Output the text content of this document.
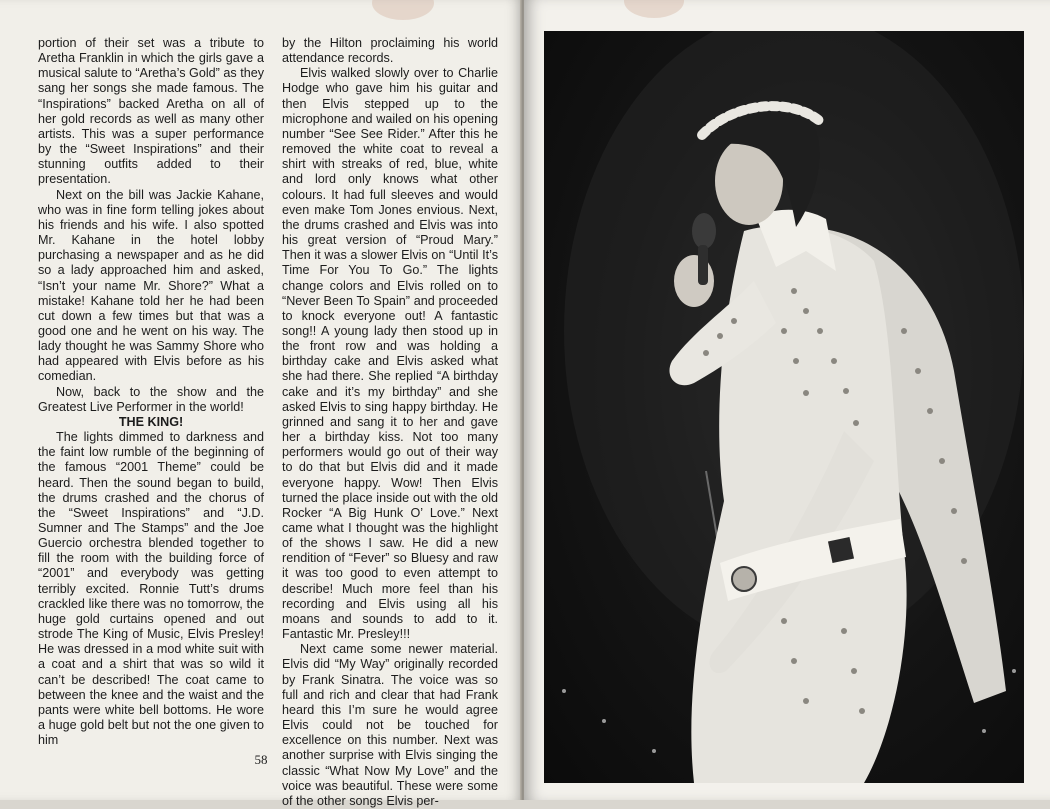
portion of their set was a tribute to Aretha Franklin in which the girls gave a musical salute to “Aretha’s Gold” as they sang her songs she made famous. The “Inspirations” backed Aretha on all of her gold records as well as many other artists. This was a super performance by the “Sweet Inspirations” and their stunning outfits added to their presentation.

Next on the bill was Jackie Kahane, who was in fine form telling jokes about his friends and his wife. I also spotted Mr. Kahane in the hotel lobby purchasing a newspaper and as he did so a lady approached him and asked, “Isn’t your name Mr. Shore?” What a mistake! Kahane told her he had been cut down a few times but that was a good one and he went on his way. The lady thought he was Sammy Shore who had appeared with Elvis before as his comedian.

Now, back to the show and the Greatest Live Performer in the world!

THE KING!

The lights dimmed to darkness and the faint low rumble of the beginning of the famous “2001 Theme” could be heard. Then the sound began to build, the drums crashed and the chorus of the “Sweet Inspirations” and “J.D. Sumner and The Stamps” and the Joe Guercio orchestra blended together to fill the room with the building force of “2001” and everybody was getting terribly excited. Ronnie Tutt’s drums crackled like there was no tomorrow, the huge gold curtains opened and out strode The King of Music, Elvis Presley! He was dressed in a mod white suit with a coat and a shirt that was so wild it can’t be described! The coat came to between the knee and the waist and the pants were white bell bottoms. He wore a huge gold belt but not the one given to him

by the Hilton proclaiming his world attendance records.

Elvis walked slowly over to Charlie Hodge who gave him his guitar and then Elvis stepped up to the microphone and wailed on his opening number “See See Rider.” After this he removed the white coat to reveal a shirt with streaks of red, blue, white and lord only knows what other colours. It had full sleeves and would even make Tom Jones envious. Next, the drums crashed and Elvis was into his great version of “Proud Mary.” Then it was a slower Elvis on “Until It’s Time For You To Go.” The lights change colors and Elvis rolled on to “Never Been To Spain” and proceeded to knock everyone out! A fantastic song!! A young lady then stood up in the front row and was holding a birthday cake and Elvis asked what she had there. She replied “A birthday cake and it’s my birthday” and she asked Elvis to sing happy birthday. He grinned and sang it to her and gave her a birthday kiss. Not too many performers would go out of their way to do that but Elvis did and it made everyone happy. Wow! Then Elvis turned the place inside out with the old Rocker “A Big Hunk O’ Love.” Next came what I thought was the highlight of the shows I saw. He did a new rendition of “Fever” so Bluesy and raw it was too good to even attempt to describe! Much more feel than his recording and Elvis using all his moans and sounds to add to it. Fantastic Mr. Presley!!!

Next came some newer material. Elvis did “My Way” originally recorded by Frank Sinatra. The voice was so full and rich and clear that had Frank heard this I’m sure he would agree Elvis could not be touched for excellence on this number. Next was another surprise with Elvis singing the classic “What Now My Love” and the voice was beautiful. These were some of the other songs Elvis per-

58
